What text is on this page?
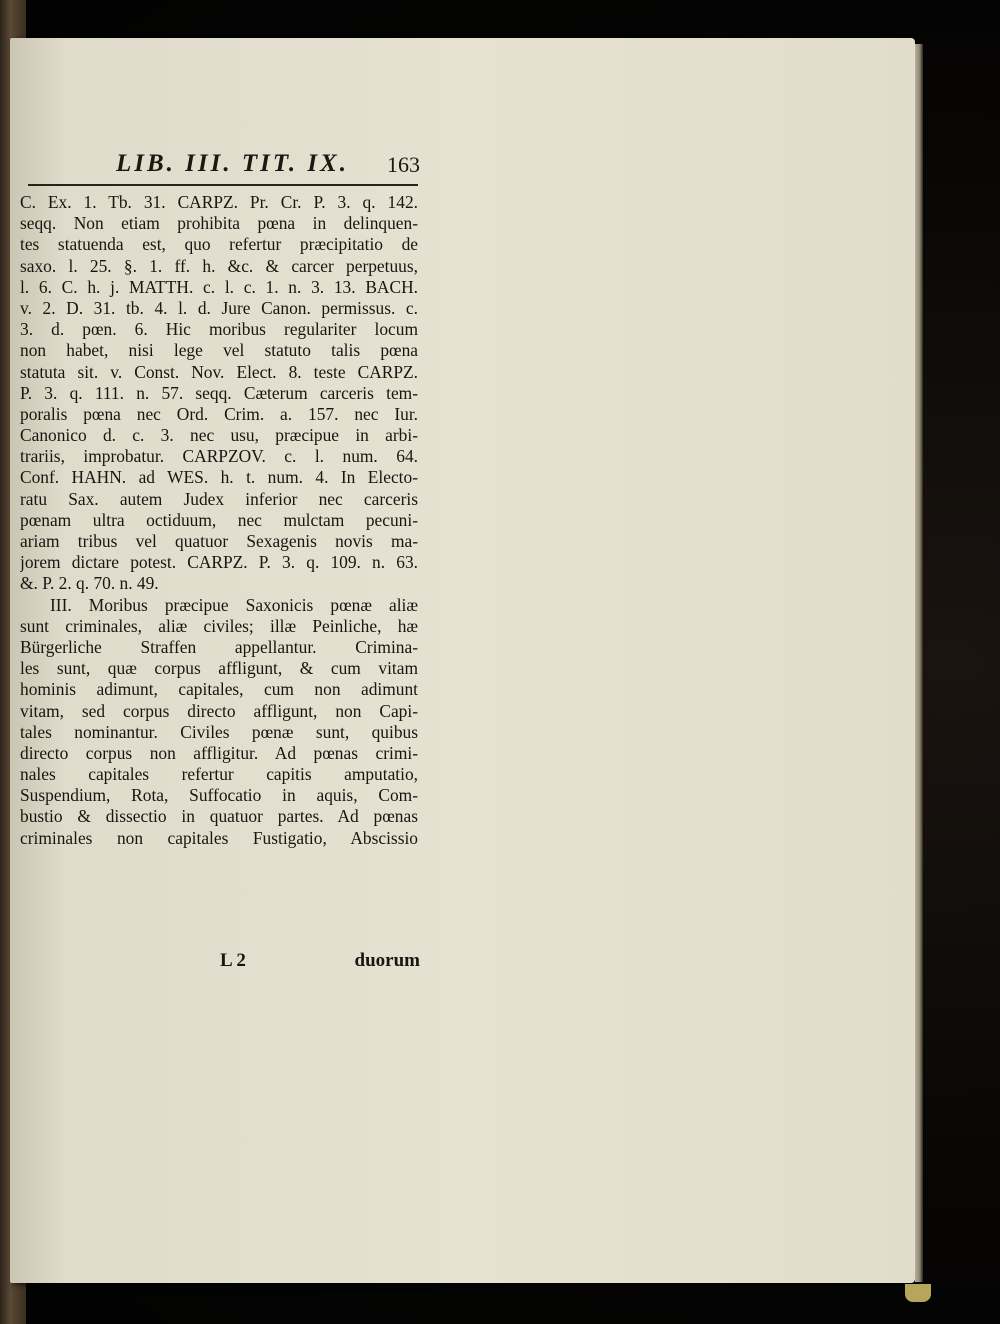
LIB. III. TIT. IX. 163
C. Ex. 1. Tb. 31. CARPZ. Pr. Cr. P. 3. q. 142.
seqq. Non etiam prohibita pœna in delinquen-
tes statuenda est, quo refertur præcipitatio de
saxo. l. 25. §. 1. ff. h. &c. & carcer perpetuus,
l. 6. C. h. j. MATTH. c. l. c. 1. n. 3. 13. BACH.
v. 2. D. 31. tb. 4. l. d. Jure Canon. permissus. c.
3. d. pœn. 6. Hic moribus regulariter locum
non habet, nisi lege vel statuto talis pœna
statuta sit. v. Const. Nov. Elect. 8. teste CARPZ.
P. 3. q. 111. n. 57. seqq. Cæterum carceris tem-
poralis pœna nec Ord. Crim. a. 157. nec Iur.
Canonico d. c. 3. nec usu, præcipue in arbi-
trariis, improbatur. CARPZOV. c. l. num. 64.
Conf. HAHN. ad WES. h. t. num. 4. In Electo-
ratu Sax. autem Judex inferior nec carceris
pœnam ultra octiduum, nec mulctam pecuni-
ariam tribus vel quatuor Sexagenis novis ma-
jorem dictare potest. CARPZ. P. 3. q. 109. n. 63.
&. P. 2. q. 70. n. 49.
III. Moribus præcipue Saxonicis pœnæ aliæ
sunt criminales, aliæ civiles; illæ Peinliche, hæ
Bürgerliche Straffen appellantur. Crimina-
les sunt, quæ corpus affligunt, & cum vitam
hominis adimunt, capitales, cum non adimunt
vitam, sed corpus directo affligunt, non Capi-
tales nominantur. Civiles pœnæ sunt, quibus
directo corpus non affligitur. Ad pœnas crimi-
nales capitales refertur capitis amputatio,
Suspendium, Rota, Suffocatio in aquis, Com-
bustio & dissectio in quatuor partes. Ad pœnas
criminales non capitales Fustigatio, Abscissio
L 2	duorum
